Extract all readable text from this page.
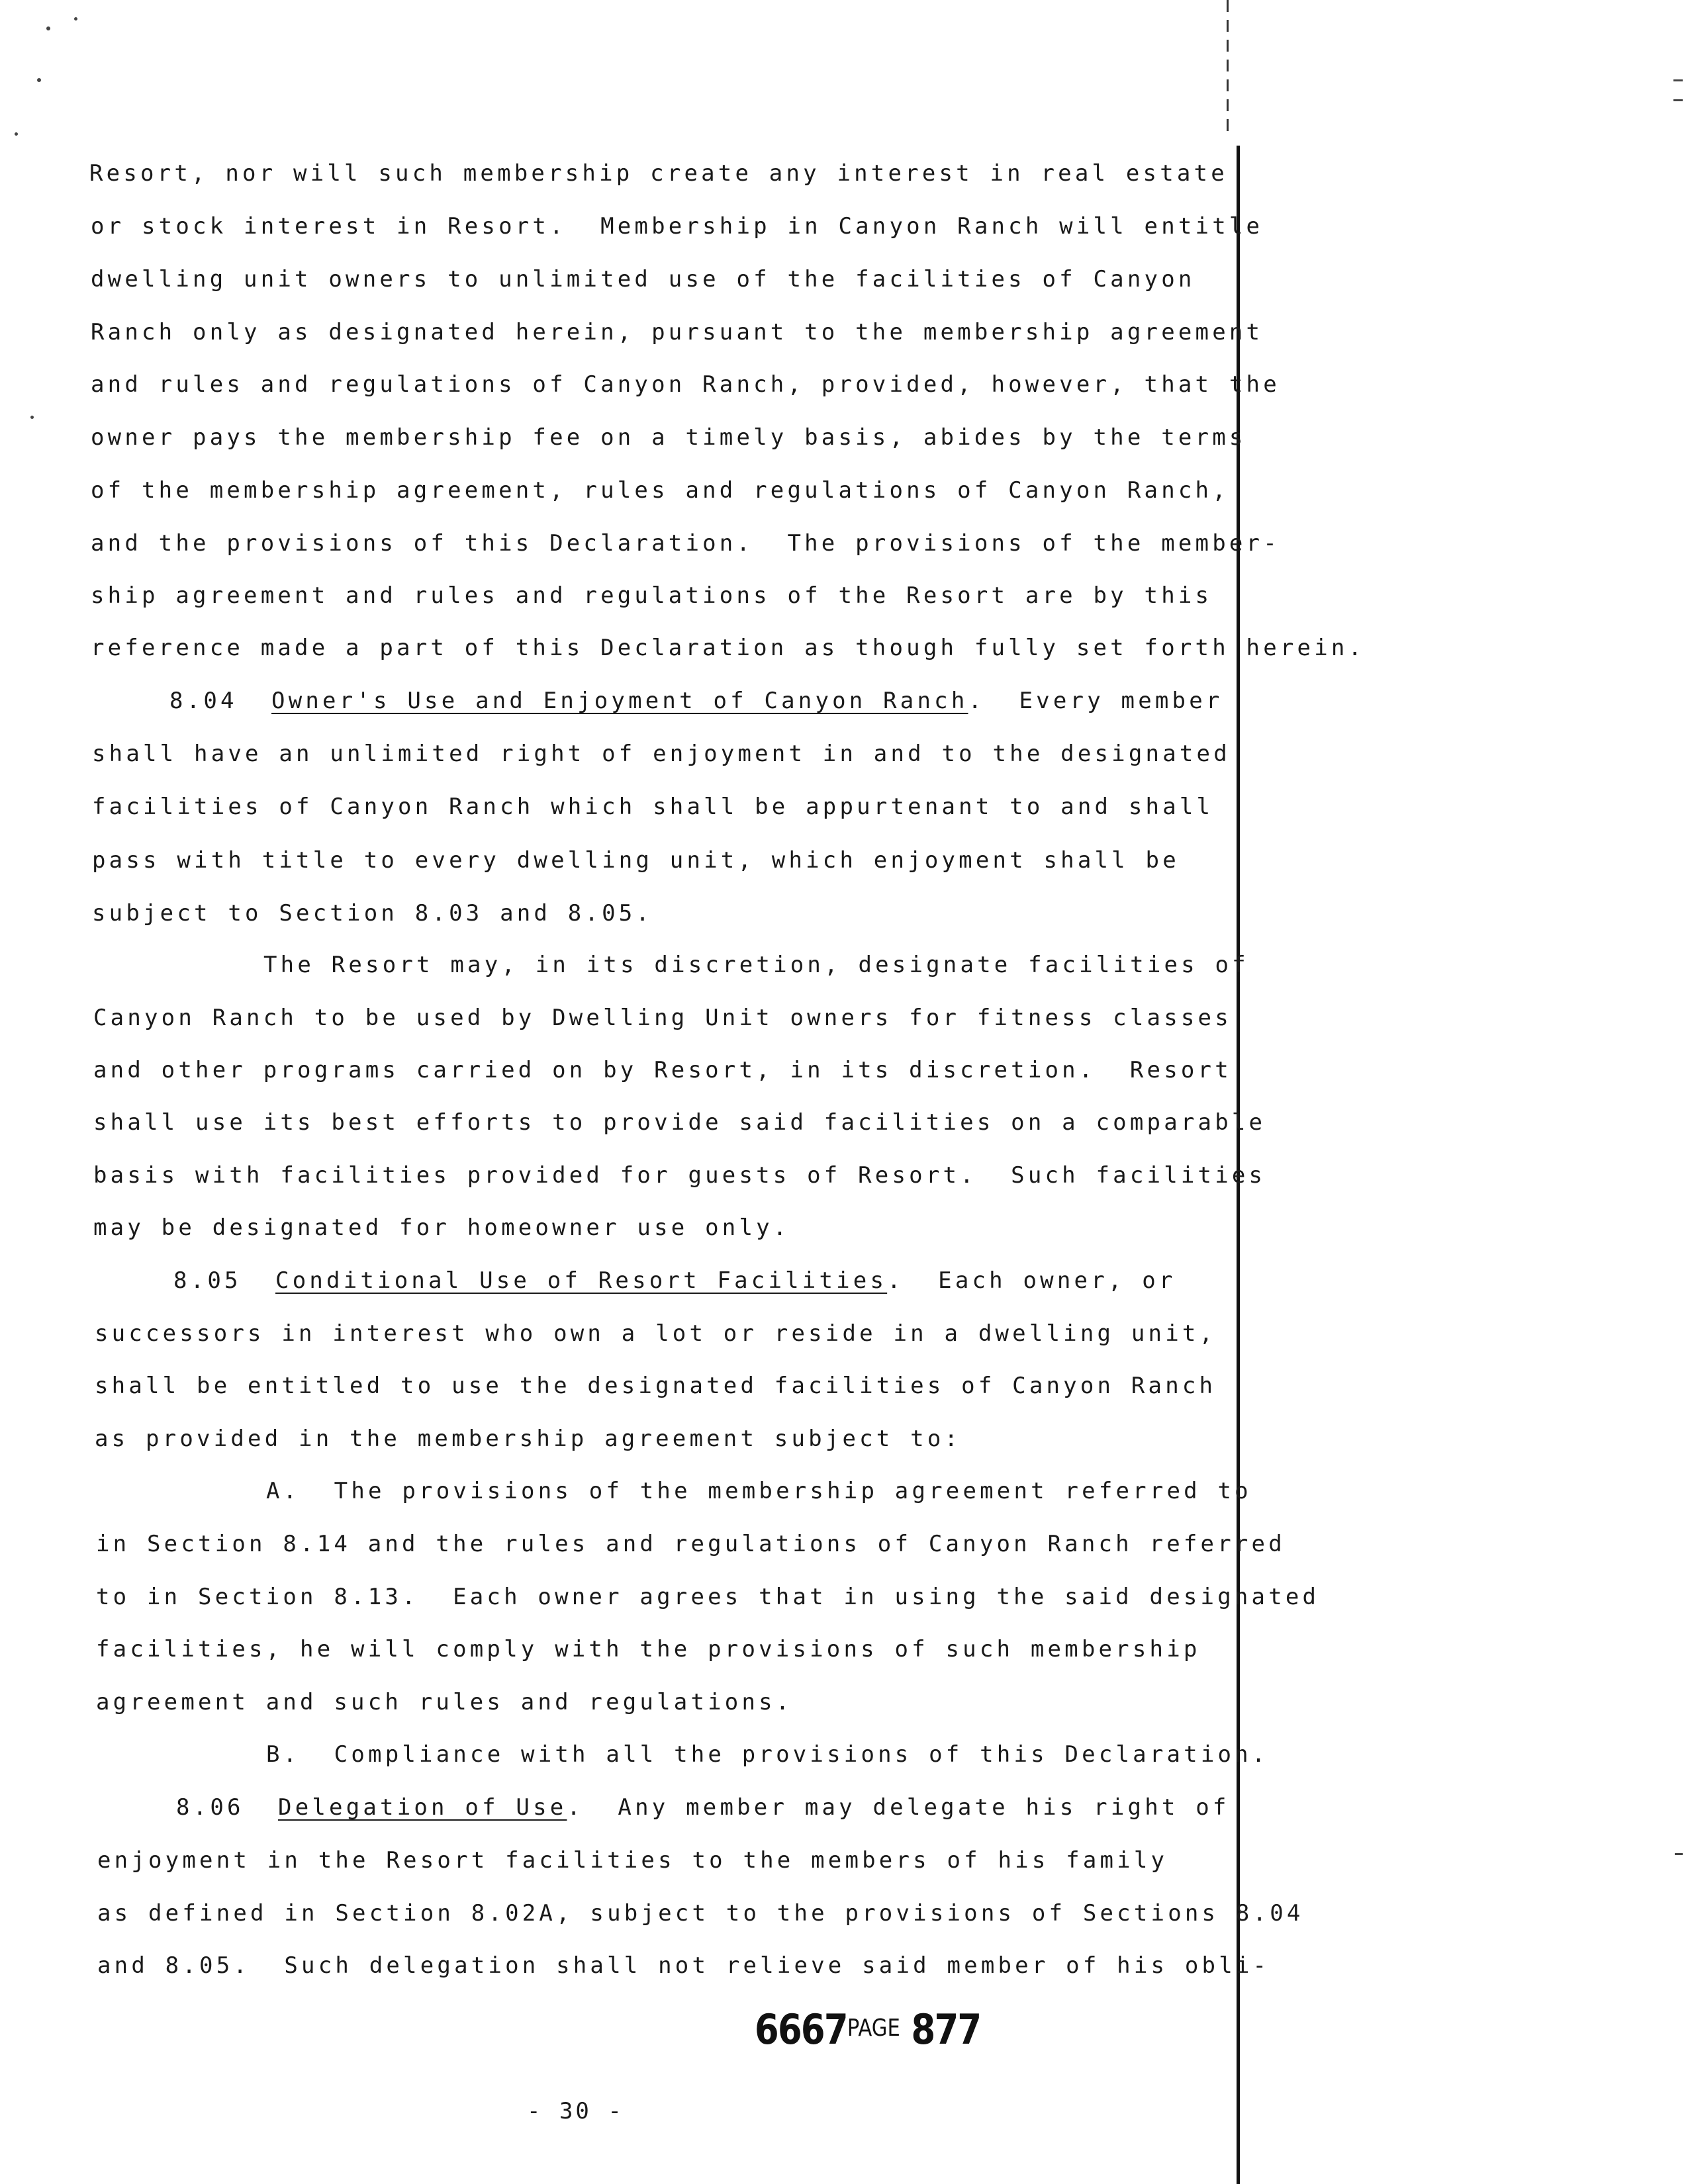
Resort, nor will such membership create any interest in real estate
or stock interest in Resort.  Membership in Canyon Ranch will entitle
dwelling unit owners to unlimited use of the facilities of Canyon
Ranch only as designated herein, pursuant to the membership agreement
and rules and regulations of Canyon Ranch, provided, however, that the
owner pays the membership fee on a timely basis, abides by the terms
of the membership agreement, rules and regulations of Canyon Ranch,
and the provisions of this Declaration.  The provisions of the member-
ship agreement and rules and regulations of the Resort are by this
reference made a part of this Declaration as though fully set forth herein.
8.04 Owner's Use and Enjoyment of Canyon Ranch.  Every member
shall have an unlimited right of enjoyment in and to the designated
facilities of Canyon Ranch which shall be appurtenant to and shall
pass with title to every dwelling unit, which enjoyment shall be
subject to Section 8.03 and 8.05.
The Resort may, in its discretion, designate facilities of
Canyon Ranch to be used by Dwelling Unit owners for fitness classes
and other programs carried on by Resort, in its discretion.  Resort
shall use its best efforts to provide said facilities on a comparable
basis with facilities provided for guests of Resort.  Such facilities
may be designated for homeowner use only.
8.05 Conditional Use of Resort Facilities.  Each owner, or
successors in interest who own a lot or reside in a dwelling unit,
shall be entitled to use the designated facilities of Canyon Ranch
as provided in the membership agreement subject to:
A.  The provisions of the membership agreement referred to
in Section 8.14 and the rules and regulations of Canyon Ranch referred
to in Section 8.13.  Each owner agrees that in using the said designated
facilities, he will comply with the provisions of such membership
agreement and such rules and regulations.
B.  Compliance with all the provisions of this Declaration.
8.06 Delegation of Use.  Any member may delegate his right of
enjoyment in the Resort facilities to the members of his family
as defined in Section 8.02A, subject to the provisions of Sections 8.04
and 8.05.  Such delegation shall not relieve said member of his obli-
6667PAGE 877
- 30 -
